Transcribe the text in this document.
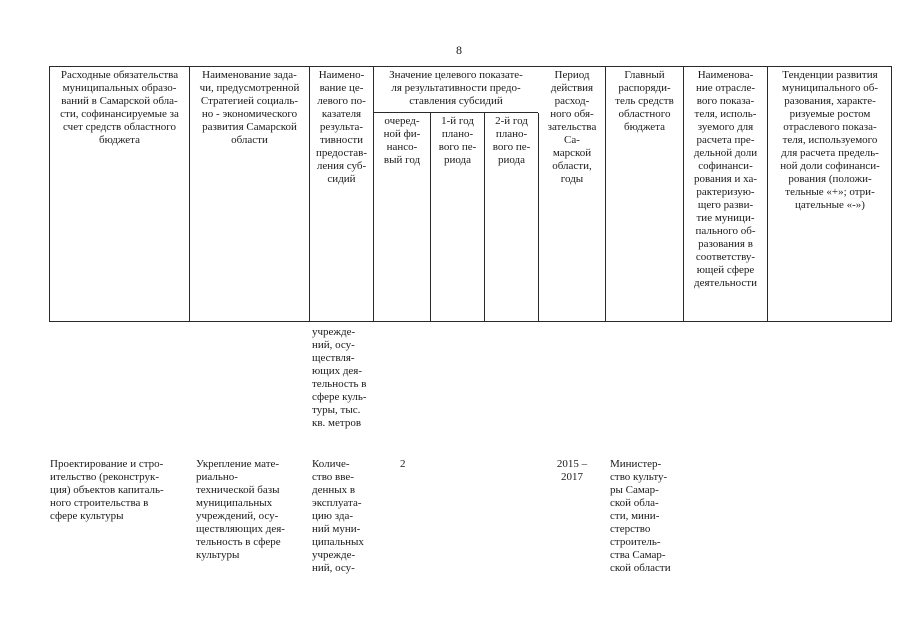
8
Расходные обязательства
муниципальных образо-
ваний в Самарской обла-
сти, софинансируемые за
счет средств областного
бюджета
Наименование зада-
чи, предусмотренной
Стратегией социаль-
но - экономического
развития Самарской
области
Наимено-
вание це-
левого по-
казателя
результа-
тивности
предостав-
ления суб-
сидий
Значение целевого показате-
ля результативности предо-
ставления субсидий
очеред-
ной фи-
нансо-
вый год
1-й год
планo-
вого пе-
риода
2-й год
планo-
вого пе-
риода
Период
действия
расход-
ного обя-
зательства Са-
марской
области,
годы
Главный
распоряди-
тель средств
областного
бюджета
Наименова-
ние отрасле-
вого показа-
теля, исполь-
зуемого для
расчета пре-
дельной доли
софинанси-
рования и ха-
рактеризую-
щего разви-
тие муници-
пального об-
разования в
соответству-
ющей сфере
деятельности
Тенденции развития
муниципального об-
разования, характе-
ризуемые ростом
отраслевого показа-
теля, используемого
для расчета предель-
ной доли софинанси-
рования (положи-
тельные «+»; отри-
цательные «-»)
учрежде-
ний, осу-
ществля-
ющих дея-
тельность в
сфере куль-
туры, тыс.
кв. метров
Проектирование и стро-
ительство (реконструк-
ция) объектов капиталь-
ного строительства в
сфере культуры
Укрепление мате-
риально-
технической базы
муниципальных
учреждений, осу-
ществляющих дея-
тельность в сфере
культуры
Количе-
ство вве-
денных в
эксплуата-
цию зда-
ний муни-
ципальных
учрежде-
ний, осу-
2	2015 –
2017
Министер-
ство культу-
ры Самар-
ской обла-
сти, мини-
стерство
строитель-
ства Самар-
ской области
